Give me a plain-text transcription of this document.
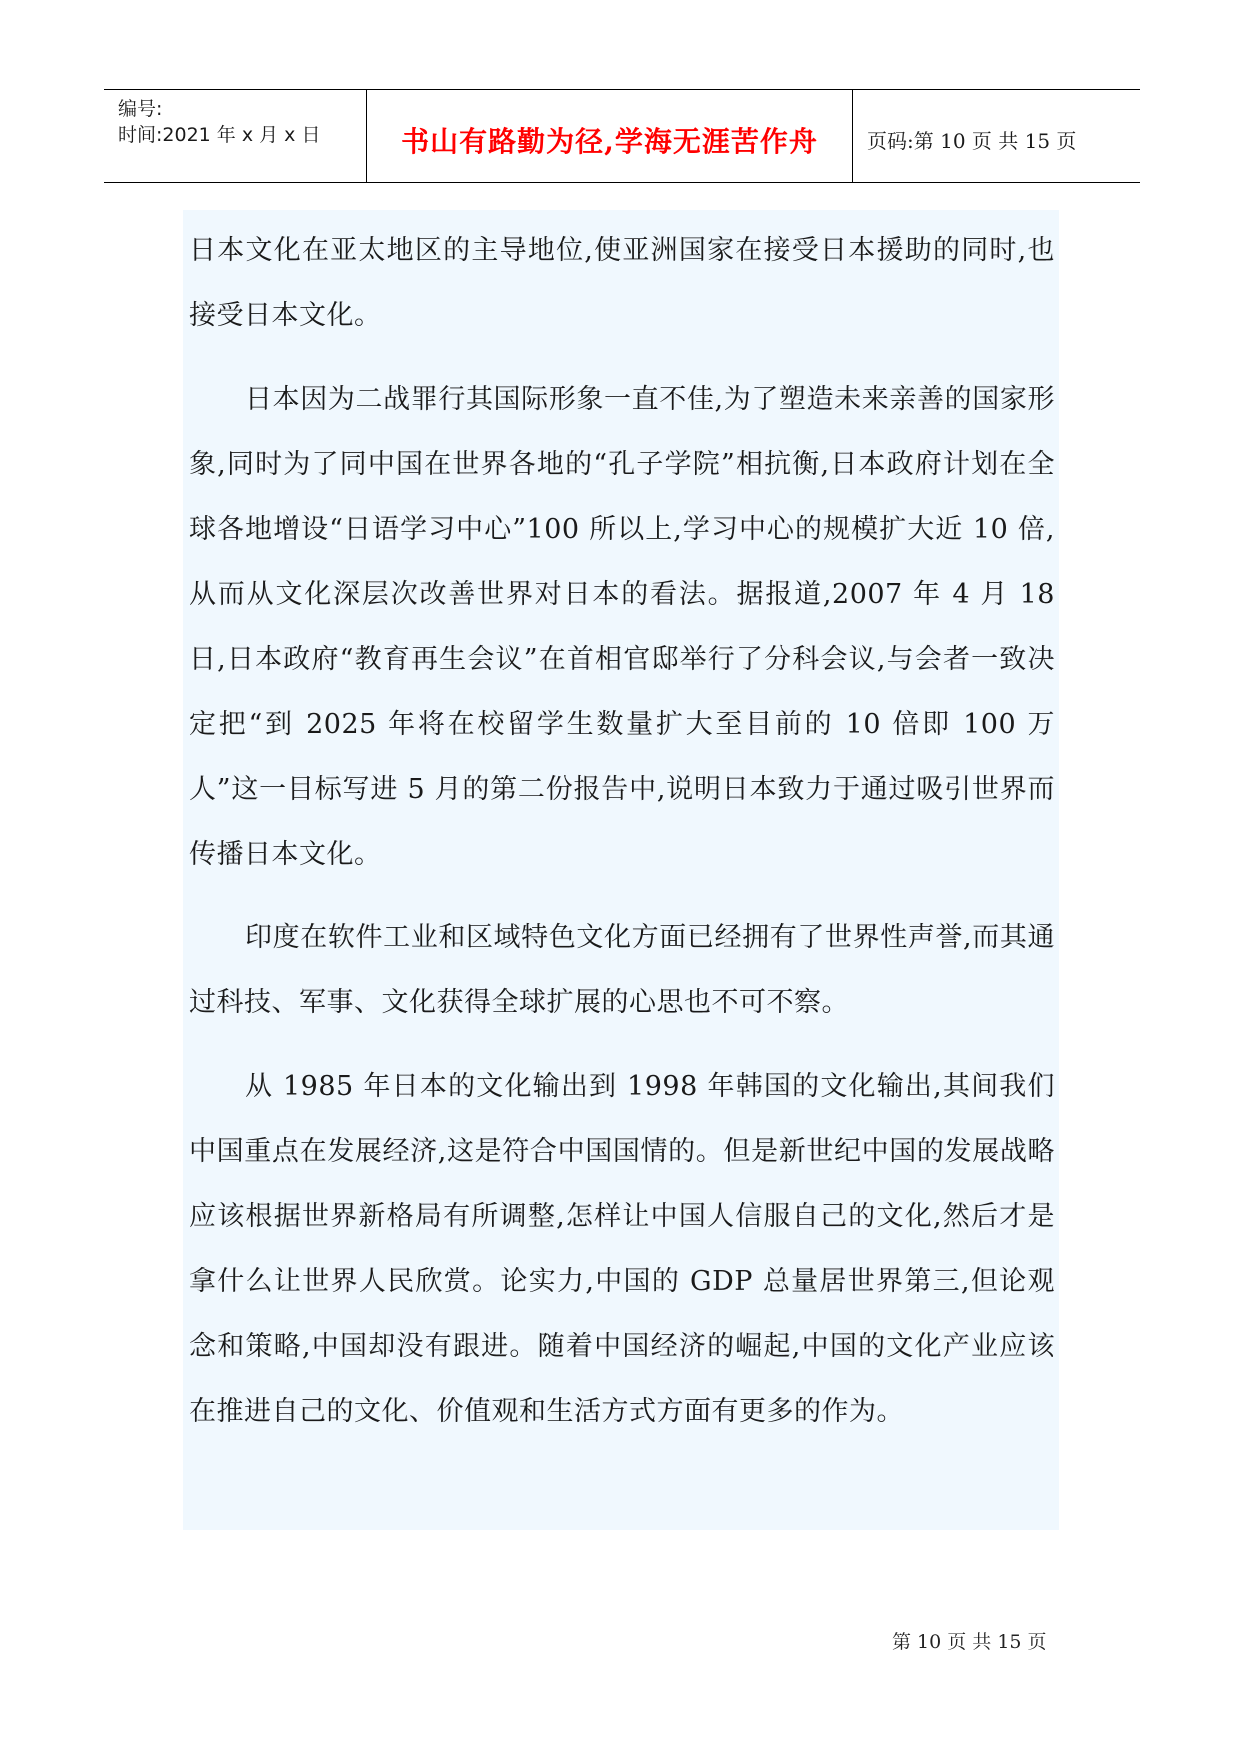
编号:
时间:2021 年 x 月 x 日	书山有路勤为径,学海无涯苦作舟	页码:第 10 页 共 15 页

日本文化在亚太地区的主导地位,使亚洲国家在接受日本援助的同时,也接受日本文化。

日本因为二战罪行其国际形象一直不佳,为了塑造未来亲善的国家形象,同时为了同中国在世界各地的“孔子学院”相抗衡,日本政府计划在全球各地增设“日语学习中心”100 所以上,学习中心的规模扩大近 10 倍,从而从文化深层次改善世界对日本的看法。据报道,2007 年 4 月 18 日,日本政府“教育再生会议”在首相官邸举行了分科会议,与会者一致决定把“到 2025 年将在校留学生数量扩大至目前的 10 倍即 100 万人”这一目标写进 5 月的第二份报告中,说明日本致力于通过吸引世界而传播日本文化。

印度在软件工业和区域特色文化方面已经拥有了世界性声誉,而其通过科技、军事、文化获得全球扩展的心思也不可不察。

从 1985 年日本的文化输出到 1998 年韩国的文化输出,其间我们中国重点在发展经济,这是符合中国国情的。但是新世纪中国的发展战略应该根据世界新格局有所调整,怎样让中国人信服自己的文化,然后才是拿什么让世界人民欣赏。论实力,中国的 GDP 总量居世界第三,但论观念和策略,中国却没有跟进。随着中国经济的崛起,中国的文化产业应该在推进自己的文化、价值观和生活方式方面有更多的作为。

第 10 页 共 15 页
